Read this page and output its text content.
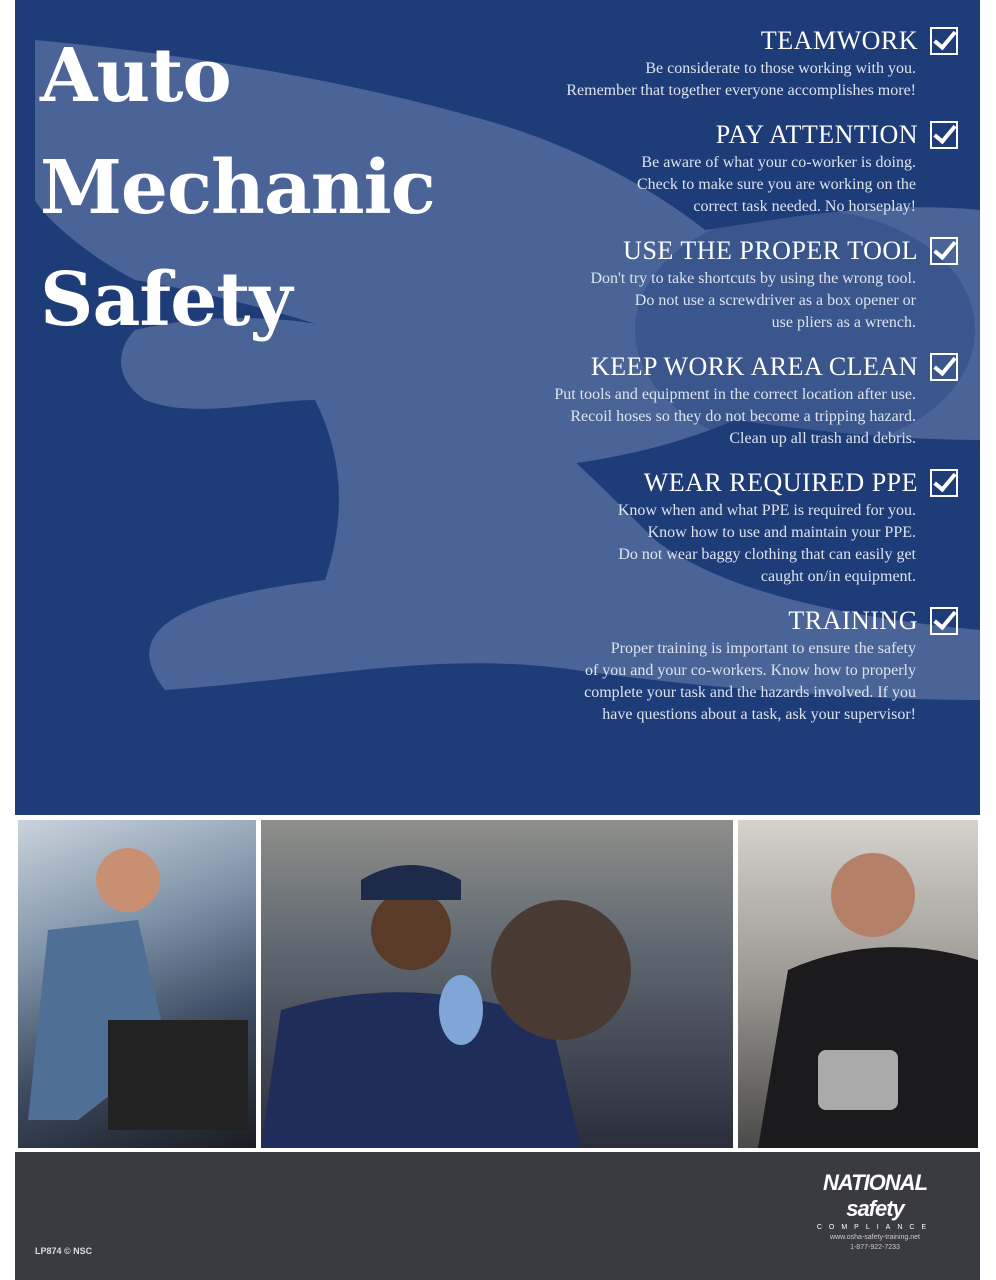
Auto
Mechanic
Safety
TEAMWORK

Be considerate to those working with you.
Remember that together everyone accomplishes more!

PAY ATTENTION

Be aware of what your co-worker is doing.
Check to make sure you are working on the
correct task needed. No horseplay!

USE THE PROPER TOOL

Don't try to take shortcuts by using the wrong tool.
Do not use a screwdriver as a box opener or
use pliers as a wrench.

KEEP WORK AREA CLEAN

Put tools and equipment in the correct location after use.
Recoil hoses so they do not become a tripping hazard.
Clean up all trash and debris.

WEAR REQUIRED PPE

Know when and what PPE is required for you.
Know how to use and maintain your PPE.
Do not wear baggy clothing that can easily get
caught on/in equipment.

TRAINING

Proper training is important to ensure the safety
of you and your co-workers. Know how to properly
complete your task and the hazards involved. If you
have questions about a task, ask your supervisor!

LP874 © NSC
NATIONAL safety
COMPLIANCE
www.osha-safety-training.net
1-877-922-7233
